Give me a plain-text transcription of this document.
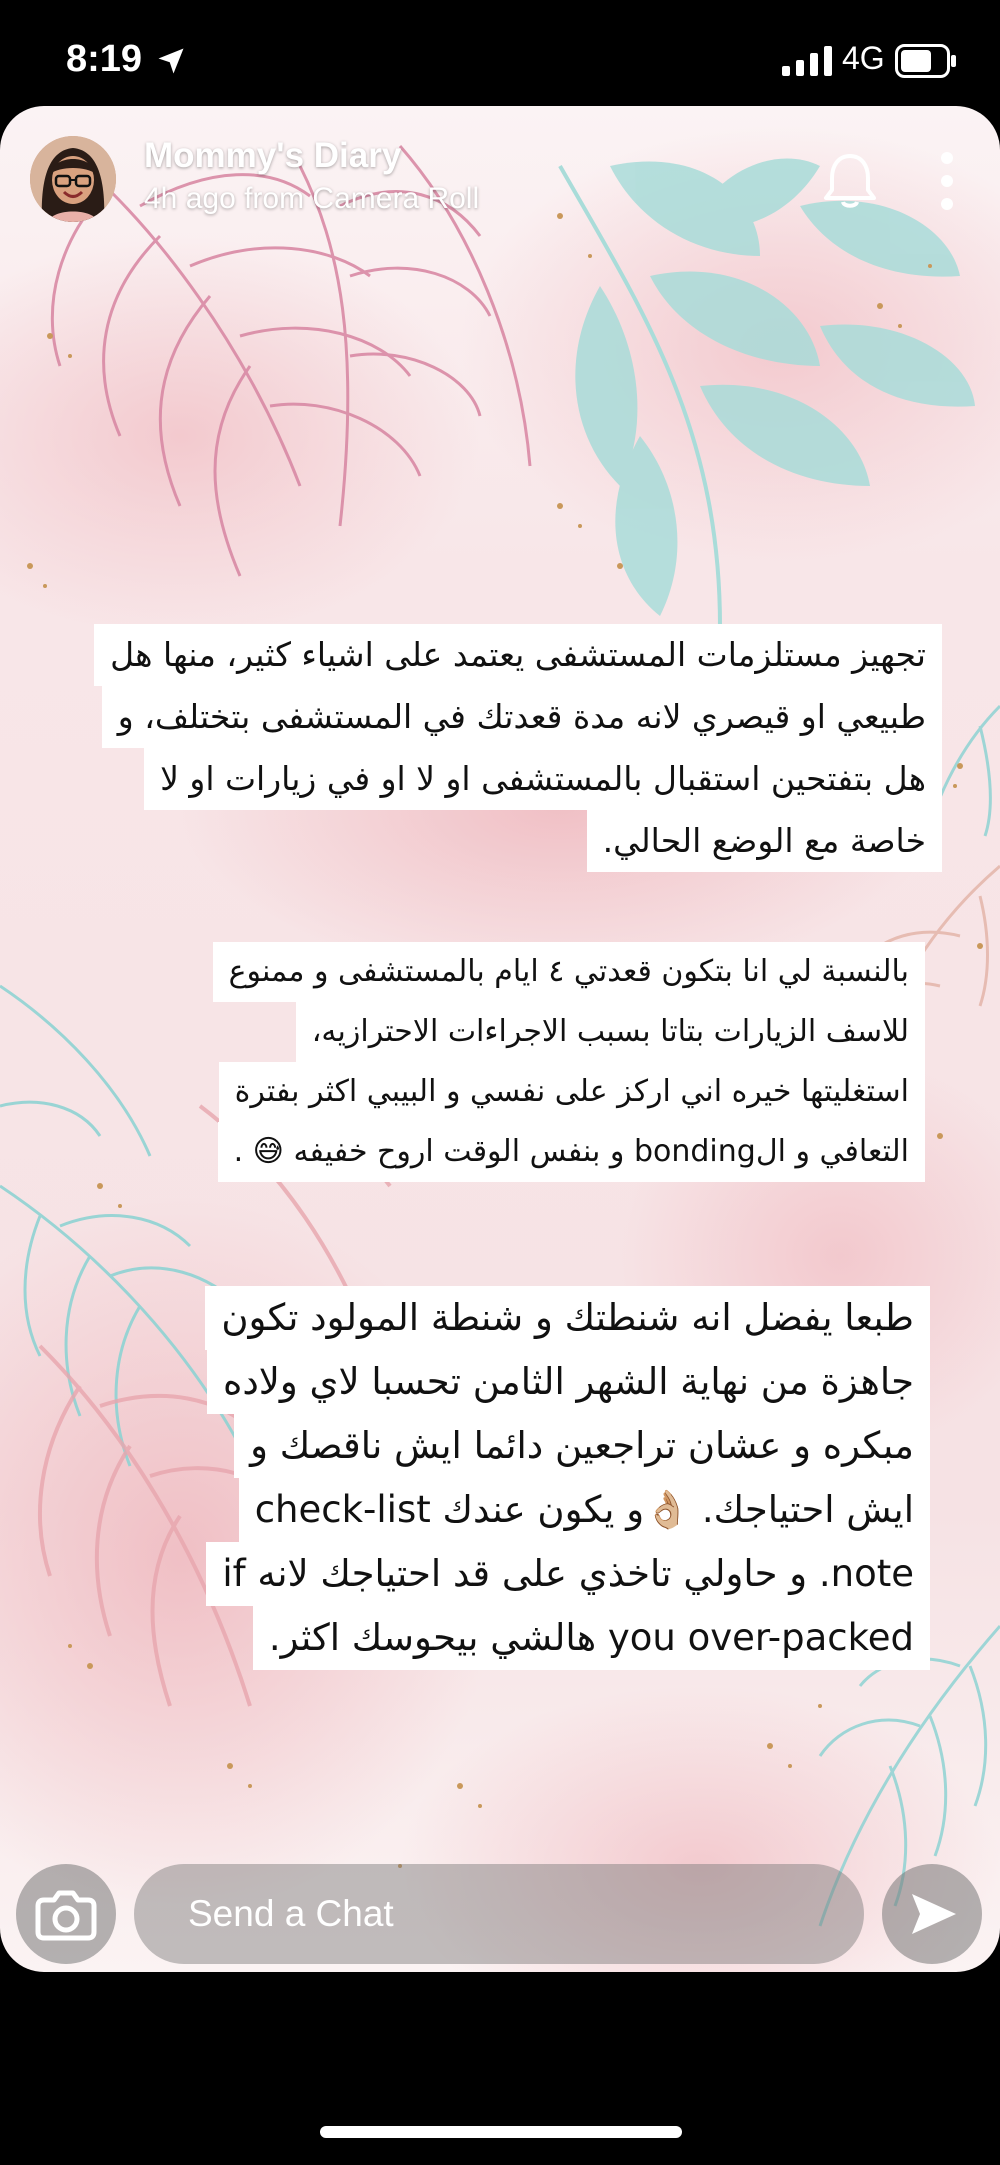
8:19	4G
Mommy's Diary
4h ago from Camera Roll
تجهيز مستلزمات المستشفى يعتمد على اشياء كثير، منها هل
طبيعي او قيصري لانه مدة قعدتك في المستشفى بتختلف، و
هل بتفتحين استقبال بالمستشفى او لا او في زيارات او لا
خاصة مع الوضع الحالي.
بالنسبة لي انا بتكون قعدتي ٤ ايام بالمستشفى و ممنوع
للاسف الزيارات بتاتا بسبب الاجراءات الاحترازيه،
استغليتها خيره اني اركز على نفسي و البيبي اكثر بفترة
التعافي و الbonding و بنفس الوقت اروح خفيفه 😅 .
طبعا يفضل انه شنطتك و شنطة المولود تكون
جاهزة من نهاية الشهر الثامن تحسبا لاي ولاده
مبكره و عشان تراجعين دائما ايش ناقصك و
ايش احتياجك. 👌🏼و يكون عندك check-list
note. و حاولي تاخذي على قد احتياجك لانه if
you over-packed هالشي بيحوسك اكثر.
Send a Chat
